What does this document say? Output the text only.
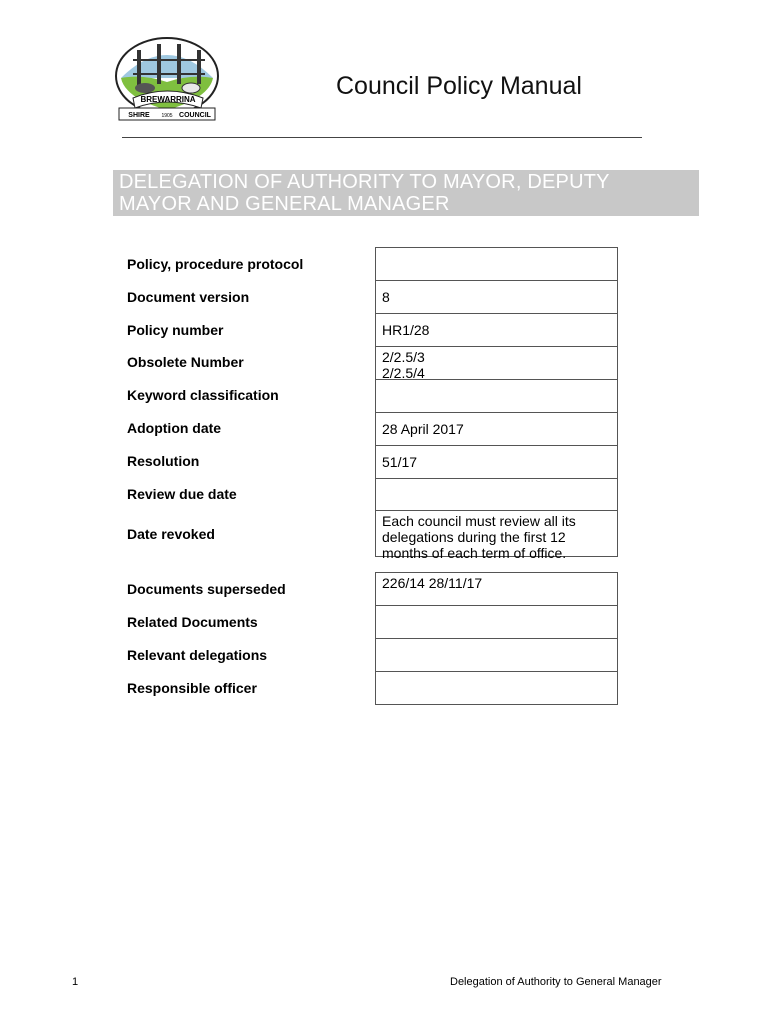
BREWARRINA
SHIRE 1905 COUNCIL
Council Policy Manual
DELEGATION OF AUTHORITY TO MAYOR, DEPUTY
MAYOR AND GENERAL MANAGER
Policy, procedure protocol
Document version
Policy number
Obsolete Number
Keyword classification
Adoption date
Resolution
Review due date
Date revoked
Documents superseded
Related Documents
Relevant delegations
Responsible officer
8
HR1/28
2/2.5/3
2/2.5/4
28 April 2017
51/17
Each council must review all its
delegations during the first 12
months of each term of office.
226/14 28/11/17
1	Delegation of Authority to General Manager
